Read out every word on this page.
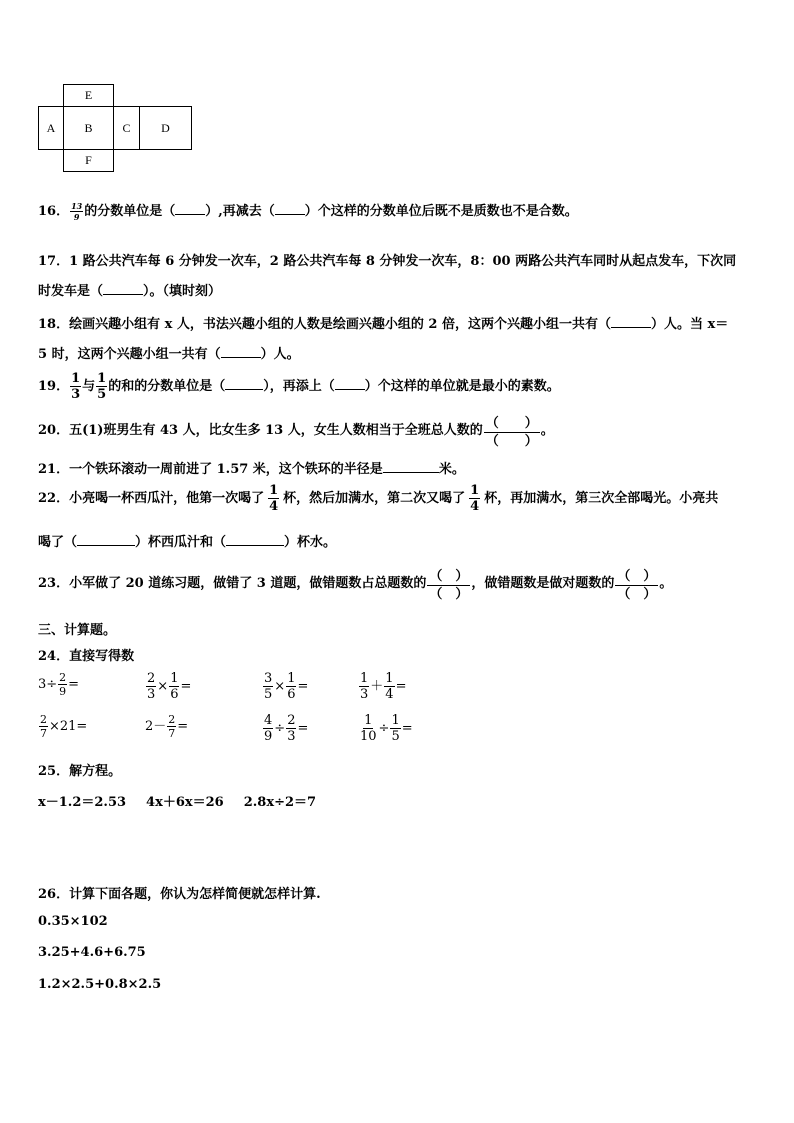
E
A	B	C	D
F
16． $\frac{13}{9}$ 的分数单位是（ ）,再减去（ ）个这样的分数单位后既不是质数也不是合数。
17．1 路公共汽车每 6 分钟发一次车，2 路公共汽车每 8 分钟发一次车，8：00 两路公共汽车同时从起点发车，下次同
时发车是（	）。（填时刻）
18．绘画兴趣小组有 x 人，书法兴趣小组的人数是绘画兴趣小组的 2 倍，这两个兴趣小组一共有（	）人。当 x＝
5 时，这两个兴趣小组一共有（	）人。
19． $\frac{1}{3}$ 与 $\frac{1}{5}$ 的和的分数单位是（	），再添上（ ）个这样的单位就是最小的素数。
20．五(1)班男生有 43 人，比女生多 13 人，女生人数相当于全班总人数的 $\frac{( )}{( )}$ 。
21．一个铁环滚动一周前进了 1.57 米，这个铁环的半径是	米。
22．小亮喝一杯西瓜汁，他第一次喝了 $\frac{1}{4}$ 杯，然后加满水，第二次又喝了 $\frac{1}{4}$ 杯，再加满水，第三次全部喝光。小亮共
喝了（	）杯西瓜汁和（	）杯水。
23．小军做了 20 道练习题，做错了 3 道题，做错题数占总题数的 $\frac{( )}{( )}$ ，做错题数是做对题数的 $\frac{( )}{( )}$ 。
三、计算题。
24．直接写得数
$3\div \frac{2}{9}$ =	$\frac{2}{3} \times \frac{1}{6}$ =	$\frac{3}{5} \times \frac{1}{6}$ =	$\frac{1}{3} + \frac{1}{4}$ =
$\frac{2}{7} \times 21=$	$2- \frac{2}{7}$ =	$\frac{4}{9} \div \frac{2}{3}$ =	$\frac{1}{10} \div \frac{1}{5}$ =
25．解方程。
x－1.2＝2.53 4x＋6x＝26 2.8x÷2＝7
26．计算下面各题，你认为怎样简便就怎样计算.
0.35×102
3.25+4.6+6.75
1.2×2.5+0.8×2.5
